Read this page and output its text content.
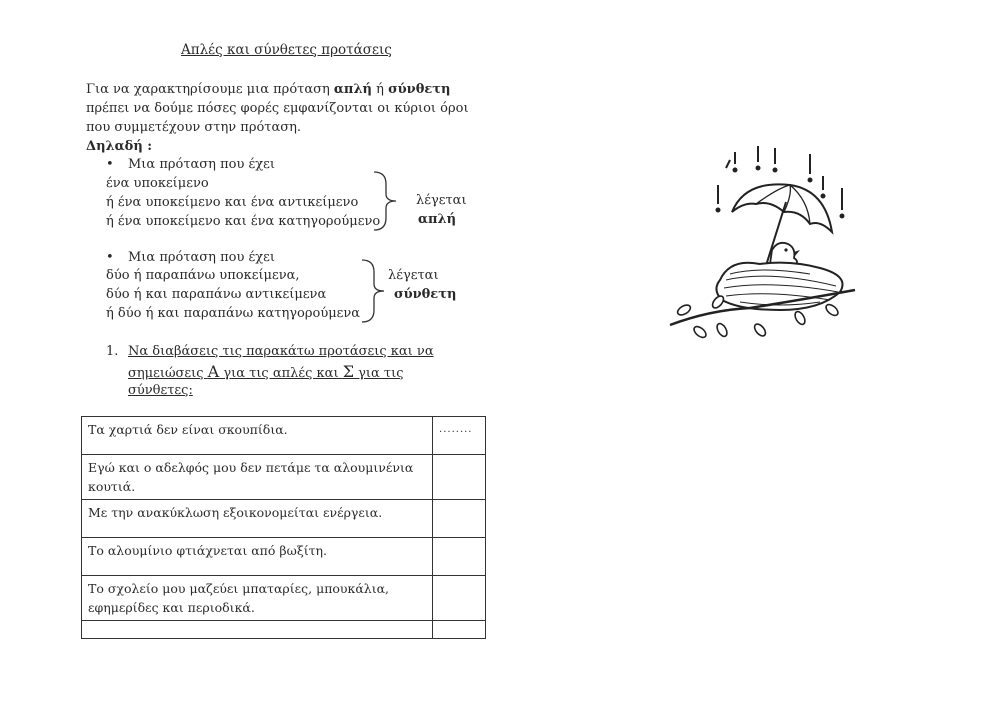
Απλές και σύνθετες προτάσεις
Για να χαρακτηρίσουμε μια πρόταση απλή ή σύνθετη
πρέπει να δούμε πόσες φορές εμφανίζονται οι κύριοι όροι
που συμμετέχουν στην πρόταση.
Δηλαδή :
• Μια πρόταση που έχει
ένα υποκείμενο
ή ένα υποκείμενο και ένα αντικείμενο
ή ένα υποκείμενο και ένα κατηγορούμενο
λέγεται
απλή
• Μια πρόταση που έχει
δύο ή παραπάνω υποκείμενα,
δύο ή και παραπάνω αντικείμενα
ή δύο ή και παραπάνω κατηγορούμενα
λέγεται
σύνθετη
1. Να διαβάσεις τις παρακάτω προτάσεις και να
σημειώσεις Α για τις απλές και Σ για τις
σύνθετες:
Τα χαρτιά δεν είναι σκουπίδια.	........
Εγώ και ο αδελφός μου δεν πετάμε τα αλουμινένια κουτιά.	
Με την ανακύκλωση εξοικονομείται ενέργεια.	
Το αλουμίνιο φτιάχνεται από βωξίτη.	
Το σχολείο μου μαζεύει μπαταρίες, μπουκάλια, εφημερίδες και περιοδικά.	
